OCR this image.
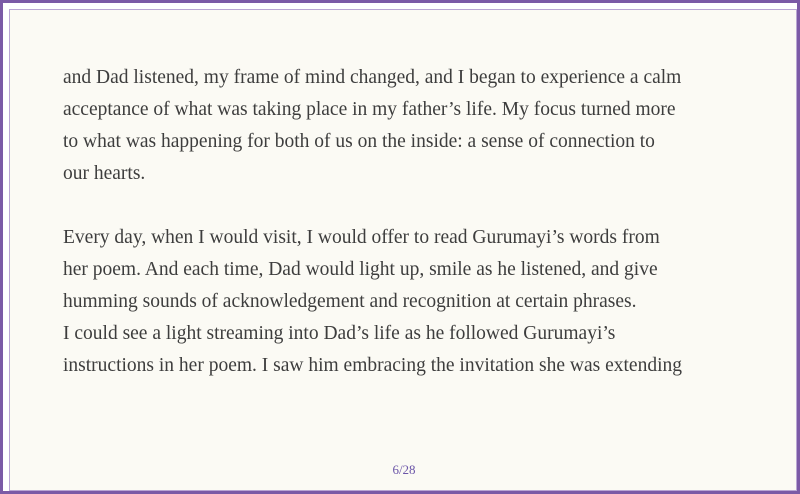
and Dad listened, my frame of mind changed, and I began to experience a calm
acceptance of what was taking place in my father’s life. My focus turned more
to what was happening for both of us on the inside: a sense of connection to
our hearts.
Every day, when I would visit, I would offer to read Gurumayi’s words from
her poem. And each time, Dad would light up, smile as he listened, and give
humming sounds of acknowledgement and recognition at certain phrases.
I could see a light streaming into Dad’s life as he followed Gurumayi’s
instructions in her poem. I saw him embracing the invitation she was extending
6/28
